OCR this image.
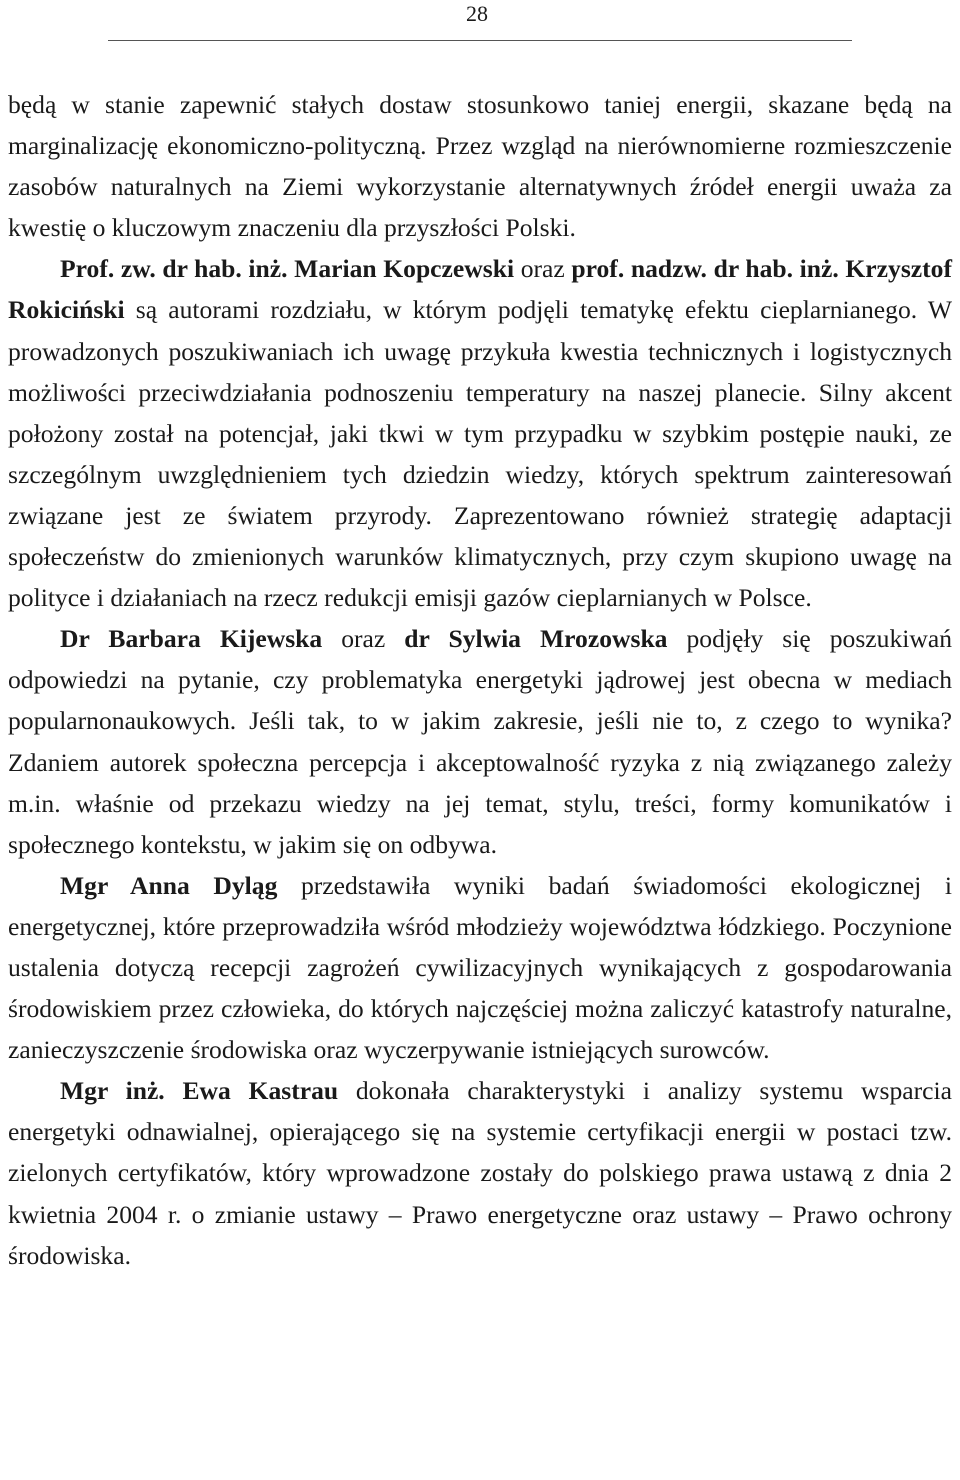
28

będą w stanie zapewnić stałych dostaw stosunkowo taniej energii, skazane będą na marginalizację ekonomiczno-polityczną. Przez wzgląd na nierównomierne rozmieszczenie zasobów naturalnych na Ziemi wykorzystanie alternatywnych źródeł energii uważa za kwestię o kluczowym znaczeniu dla przyszłości Polski.

Prof. zw. dr hab. inż. Marian Kopczewski oraz prof. nadzw. dr hab. inż. Krzysztof Rokiciński są autorami rozdziału, w którym podjęli tematykę efektu cieplarnianego. W prowadzonych poszukiwaniach ich uwagę przykuła kwestia technicznych i logistycznych możliwości przeciwdziałania podnoszeniu temperatury na naszej planecie. Silny akcent położony został na potencjał, jaki tkwi w tym przypadku w szybkim postępie nauki, ze szczególnym uwzględnieniem tych dziedzin wiedzy, których spektrum zainteresowań związane jest ze światem przyrody. Zaprezentowano również strategię adaptacji społeczeństw do zmienionych warunków klimatycznych, przy czym skupiono uwagę na polityce i działaniach na rzecz redukcji emisji gazów cieplarnianych w Polsce.

Dr Barbara Kijewska oraz dr Sylwia Mrozowska podjęły się poszukiwań odpowiedzi na pytanie, czy problematyka energetyki jądrowej jest obecna w mediach popularnonaukowych. Jeśli tak, to w jakim zakresie, jeśli nie to, z czego to wynika? Zdaniem autorek społeczna percepcja i akceptowalność ryzyka z nią związanego zależy m.in. właśnie od przekazu wiedzy na jej temat, stylu, treści, formy komunikatów i społecznego kontekstu, w jakim się on odbywa.

Mgr Anna Dyląg przedstawiła wyniki badań świadomości ekologicznej i energetycznej, które przeprowadziła wśród młodzieży województwa łódzkiego. Poczynione ustalenia dotyczą recepcji zagrożeń cywilizacyjnych wynikających z gospodarowania środowiskiem przez człowieka, do których najczęściej można zaliczyć katastrofy naturalne, zanieczyszczenie środowiska oraz wyczerpywanie istniejących surowców.

Mgr inż. Ewa Kastrau dokonała charakterystyki i analizy systemu wsparcia energetyki odnawialnej, opierającego się na systemie certyfikacji energii w postaci tzw. zielonych certyfikatów, który wprowadzone zostały do polskiego prawa ustawą z dnia 2 kwietnia 2004 r. o zmianie ustawy – Prawo energetyczne oraz ustawy – Prawo ochrony środowiska.
